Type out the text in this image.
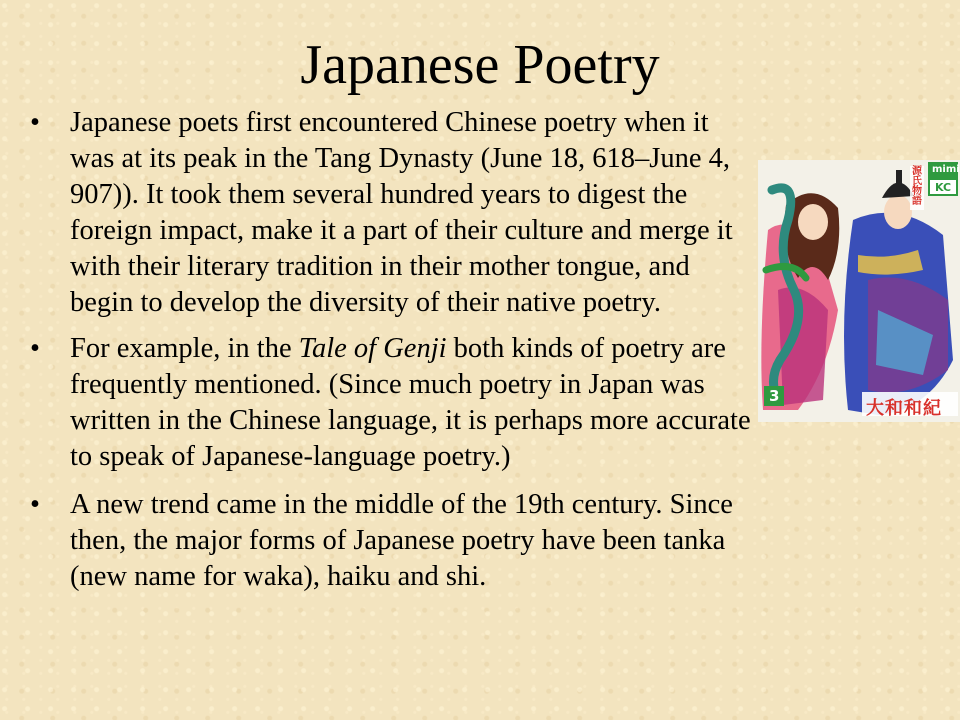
Japanese Poetry
• Japanese poets first encountered Chinese poetry when it was at its peak in the Tang Dynasty (June 18, 618–June 4, 907)). It took them several hundred years to digest the foreign impact, make it a part of their culture and merge it with their literary tradition in their mother tongue, and begin to develop the diversity of their native poetry.
• For example, in the Tale of Genji both kinds of poetry are frequently mentioned. (Since much poetry in Japan was written in the Chinese language, it is perhaps more accurate to speak of Japanese-language poetry.)
• A new trend came in the middle of the 19th century. Since then, the major forms of Japanese poetry have been tanka (new name for waka), haiku and shi.
mimi
KC
源氏物語
3
大和和紀
